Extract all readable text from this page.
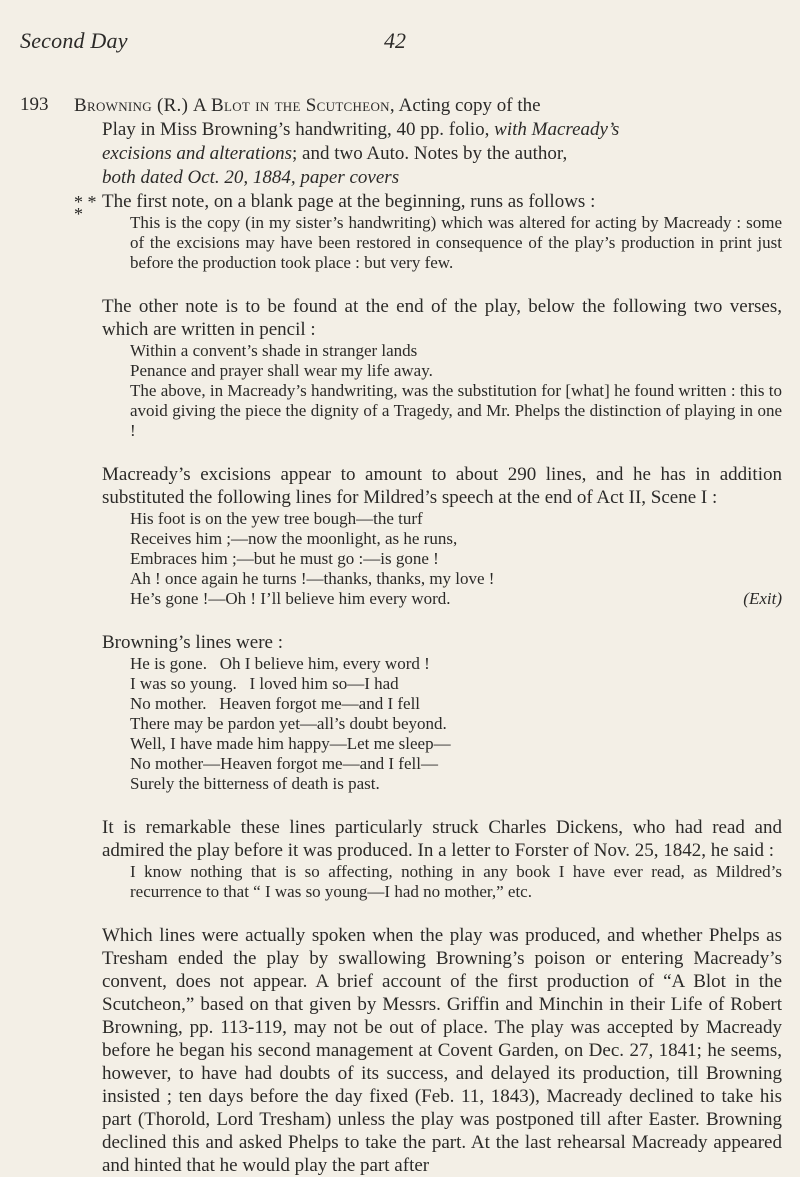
Second Day	42
193 Browning (R.) A Blot in the Scutcheon, Acting copy of the
Play in Miss Browning’s handwriting, 40 pp. folio, with Macready’s
excisions and alterations; and two Auto. Notes by the author,
both dated Oct. 20, 1884, paper covers
* *
*

The first note, on a blank page at the beginning, runs as follows :

This is the copy (in my sister’s handwriting) which was altered for acting by Macready : some of the excisions may have been restored in consequence of the play’s production in print just before the production took place : but very few.

The other note is to be found at the end of the play, below the following two verses, which are written in pencil :

Within a convent’s shade in stranger lands

Penance and prayer shall wear my life away.

The above, in Macready’s handwriting, was the substitution for [what] he found written : this to avoid giving the piece the dignity of a Tragedy, and Mr. Phelps the distinction of playing in one !

Macready’s excisions appear to amount to about 290 lines, and he has in addition substituted the following lines for Mildred’s speech at the end of Act II, Scene I :

His foot is on the yew tree bough—the turf

Receives him ;—now the moonlight, as he runs,

Embraces him ;—but he must go :—is gone !

Ah ! once again he turns !—thanks, thanks, my love !

He’s gone !—Oh ! I’ll believe him every word.	(Exit)

Browning’s lines were :

He is gone.   Oh I believe him, every word !

I was so young.   I loved him so—I had

No mother.   Heaven forgot me—and I fell

There may be pardon yet—all’s doubt beyond.

Well, I have made him happy—Let me sleep—

No mother—Heaven forgot me—and I fell—

Surely the bitterness of death is past.

It is remarkable these lines particularly struck Charles Dickens, who had read and admired the play before it was produced. In a letter to Forster of Nov. 25, 1842, he said :

I know nothing that is so affecting, nothing in any book I have ever read, as Mildred’s recurrence to that “ I was so young—I had no mother,” etc.

Which lines were actually spoken when the play was produced, and whether Phelps as Tresham ended the play by swallowing Browning’s poison or entering Macready’s convent, does not appear. A brief account of the first production of “A Blot in the Scutcheon,” based on that given by Messrs. Griffin and Minchin in their Life of Robert Browning, pp. 113-119, may not be out of place. The play was accepted by Macready before he began his second management at Covent Garden, on Dec. 27, 1841; he seems, however, to have had doubts of its success, and delayed its production, till Browning insisted ; ten days before the day fixed (Feb. 11, 1843), Macready declined to take his part (Thorold, Lord Tresham) unless the play was postponed till after Easter. Browning declined this and asked Phelps to take the part. At the last rehearsal Macready appeared and hinted that he would play the part after
